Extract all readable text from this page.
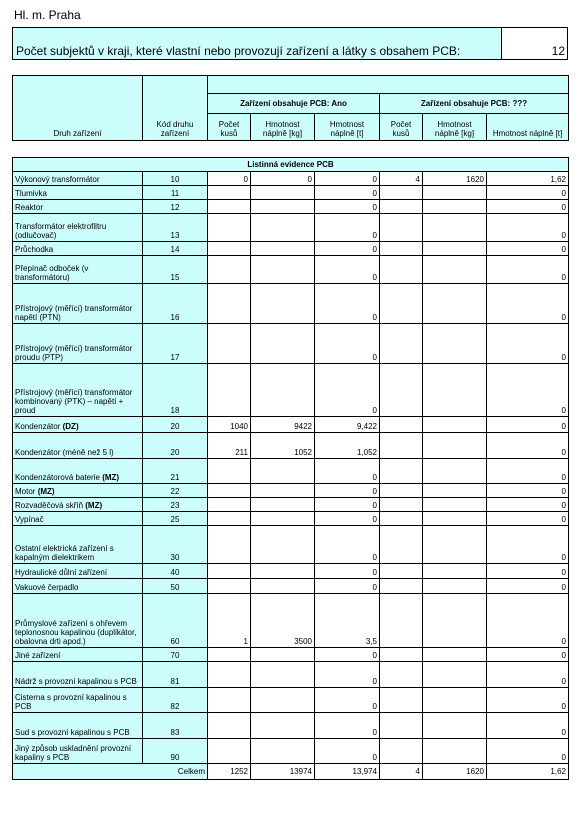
Hl. m. Praha
Počet subjektů v kraji, které vlastní nebo provozují zařízení a látky s obsahem PCB:	12
Druh zařízení	Kód druhu zařízení						
		Zařízení obsahuje PCB: Ano			Zařízení obsahuje PCB: ???		
		Počet kusů	Hmotnost náplně [kg]	Hmotnost náplně [t]	Počet kusů	Hmotnost náplně [kg]	Hmotnost náplně [t]
Listinná evidence PCB							
Výkonový transformátor	10	0	0	0	4	1620	1,62
Tlumivka	11			0			0
Reaktor	12			0			0
Transformátor elektrofiltru (odlučovač)	13			0			0
Průchodka	14			0			0
Přepínač odboček (v transformátoru)	15			0			0
Přístrojový (měřící) transformátor napětí (PTN)	16			0			0
Přístrojový (měřící) transformátor proudu (PTP)	17			0			0
Přístrojový (měřící) transformátor kombinovaný (PTK) – napětí + proud	18			0			0
Kondenzátor (DZ)	20	1040	9422	9,422			0
Kondenzátor (méně než 5 l)	20	211	1052	1,052			0
Kondenzátorová baterie (MZ)	21			0			0
Motor (MZ)	22			0			0
Rozvaděčová skříň (MZ)	23			0			0
Vypínač	25			0			0
Ostatní elektrická zařízení s kapalným dielektrikem	30			0			0
Hydraulické důlní zařízení	40			0			0
Vakuové čerpadlo	50			0			0
Průmyslové zařízení s ohřevem teplonosnou kapalinou (duplikátor, obalovna drti apod.)	60	1	3500	3,5			0
Jiné zařízení	70			0			0
Nádrž s provozní kapalinou s PCB	81			0			0
Cisterna s provozní kapalinou s PCB	82			0			0
Sud s provozní kapalinou s PCB	83			0			0
Jiný způsob uskladnění provozní kapaliny s PCB	90			0			0
	Celkem	1252	13974	13,974	4	1620	1,62
